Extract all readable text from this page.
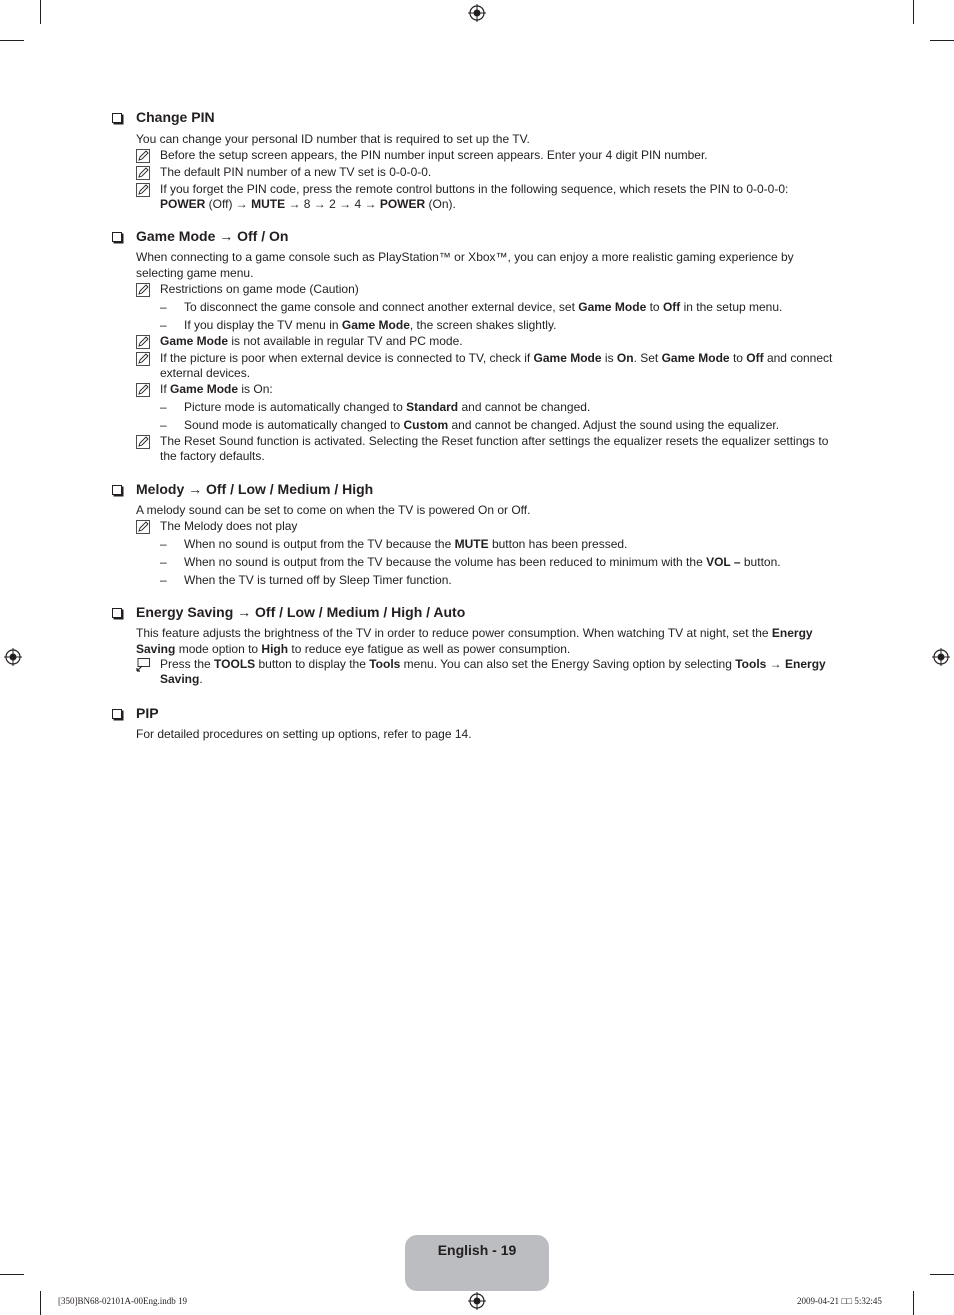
Change PIN
You can change your personal ID number that is required to set up the TV.
Before the setup screen appears, the PIN number input screen appears. Enter your 4 digit PIN number.
The default PIN number of a new TV set is 0-0-0-0.
If you forget the PIN code, press the remote control buttons in the following sequence, which resets the PIN to 0-0-0-0:
POWER (Off) → MUTE → 8 → 2 → 4 → POWER (On).
Game Mode → Off / On
When connecting to a game console such as PlayStation™ or Xbox™, you can enjoy a more realistic gaming experience by selecting game menu.
Restrictions on game mode (Caution)
– To disconnect the game console and connect another external device, set Game Mode to Off in the setup menu.
– If you display the TV menu in Game Mode, the screen shakes slightly.
Game Mode is not available in regular TV and PC mode.
If the picture is poor when external device is connected to TV, check if Game Mode is On. Set Game Mode to Off and connect external devices.
If Game Mode is On:
– Picture mode is automatically changed to Standard and cannot be changed.
– Sound mode is automatically changed to Custom and cannot be changed. Adjust the sound using the equalizer.
The Reset Sound function is activated. Selecting the Reset function after settings the equalizer resets the equalizer settings to the factory defaults.
Melody → Off / Low / Medium / High
A melody sound can be set to come on when the TV is powered On or Off.
The Melody does not play
– When no sound is output from the TV because the MUTE button has been pressed.
– When no sound is output from the TV because the volume has been reduced to minimum with the VOL – button.
– When the TV is turned off by Sleep Timer function.
Energy Saving → Off / Low / Medium / High / Auto
This feature adjusts the brightness of the TV in order to reduce power consumption. When watching TV at night, set the Energy Saving mode option to High to reduce eye fatigue as well as power consumption.
Press the TOOLS button to display the Tools menu. You can also set the Energy Saving option by selecting Tools → Energy Saving.
PIP
For detailed procedures on setting up options, refer to page 14.
English - 19
[350]BN68-02101A-00Eng.indb 19	2009-04-21 □□ 5:32:45
